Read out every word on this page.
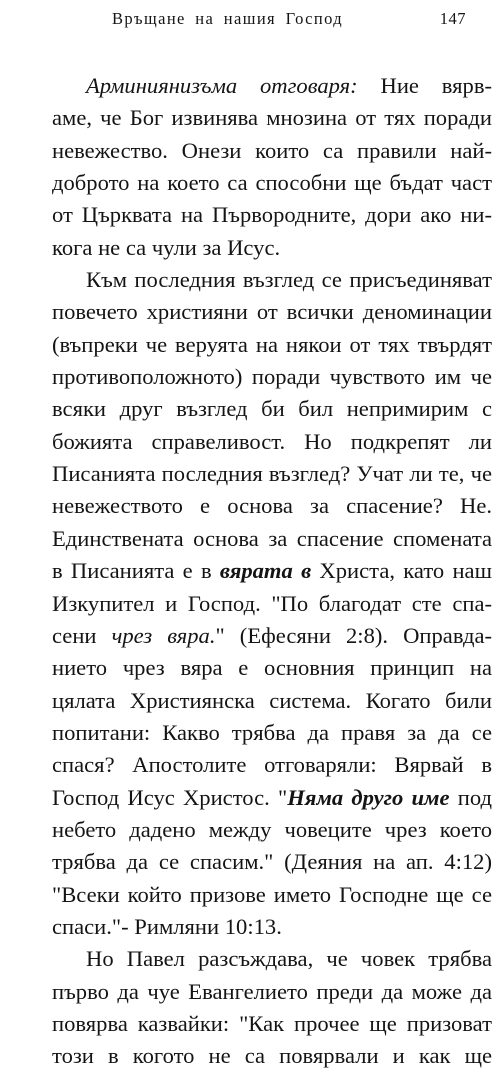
Връщане на нашия Господ	147
Арминиянизъма отговаря: Ние вярв-
аме, че Бог извинява мнозина от тях поради
невежество. Онези които са правили най-
доброто на което са способни ще бъдат част
от Църквата на Първородните, дори ако ни-
кога не са чули за Исус.
Към последния възглед се присъединяват
повечето християни от всички деноминации
(въпреки че веруята на някои от тях твърдят
противоположното) поради чувството им че
всяки друг възглед би бил непримирим с
божията справеливост. Но подкрепят ли
Писанията последния възглед? Учат ли те, че
невежеството е основа за спасение? Не.
Единствената основа за спасение спомената
в Писанията е в вярата в Христа, като наш
Изкупител и Господ. "По благодат сте спа-
сени чрез вяра." (Ефесяни 2:8). Оправда-
нието чрез вяра е основния принцип на
цялата Християнска система. Когато били
попитани: Какво трябва да правя за да се
спася? Апостолите отговаряли: Вярвай в
Господ Исус Христос. "Няма друго име под
небето дадено между човеците чрез което
трябва да се спасим." (Деяния на ап. 4:12)
"Всеки който призове името Господне ще се
спаси."- Римляни 10:13.
Но Павел разсъждава, че човек трябва
първо да чуе Евангелието преди да може да
повярва казвайки: "Как прочее ще призоват
този в когото не са повярвали и как ще
